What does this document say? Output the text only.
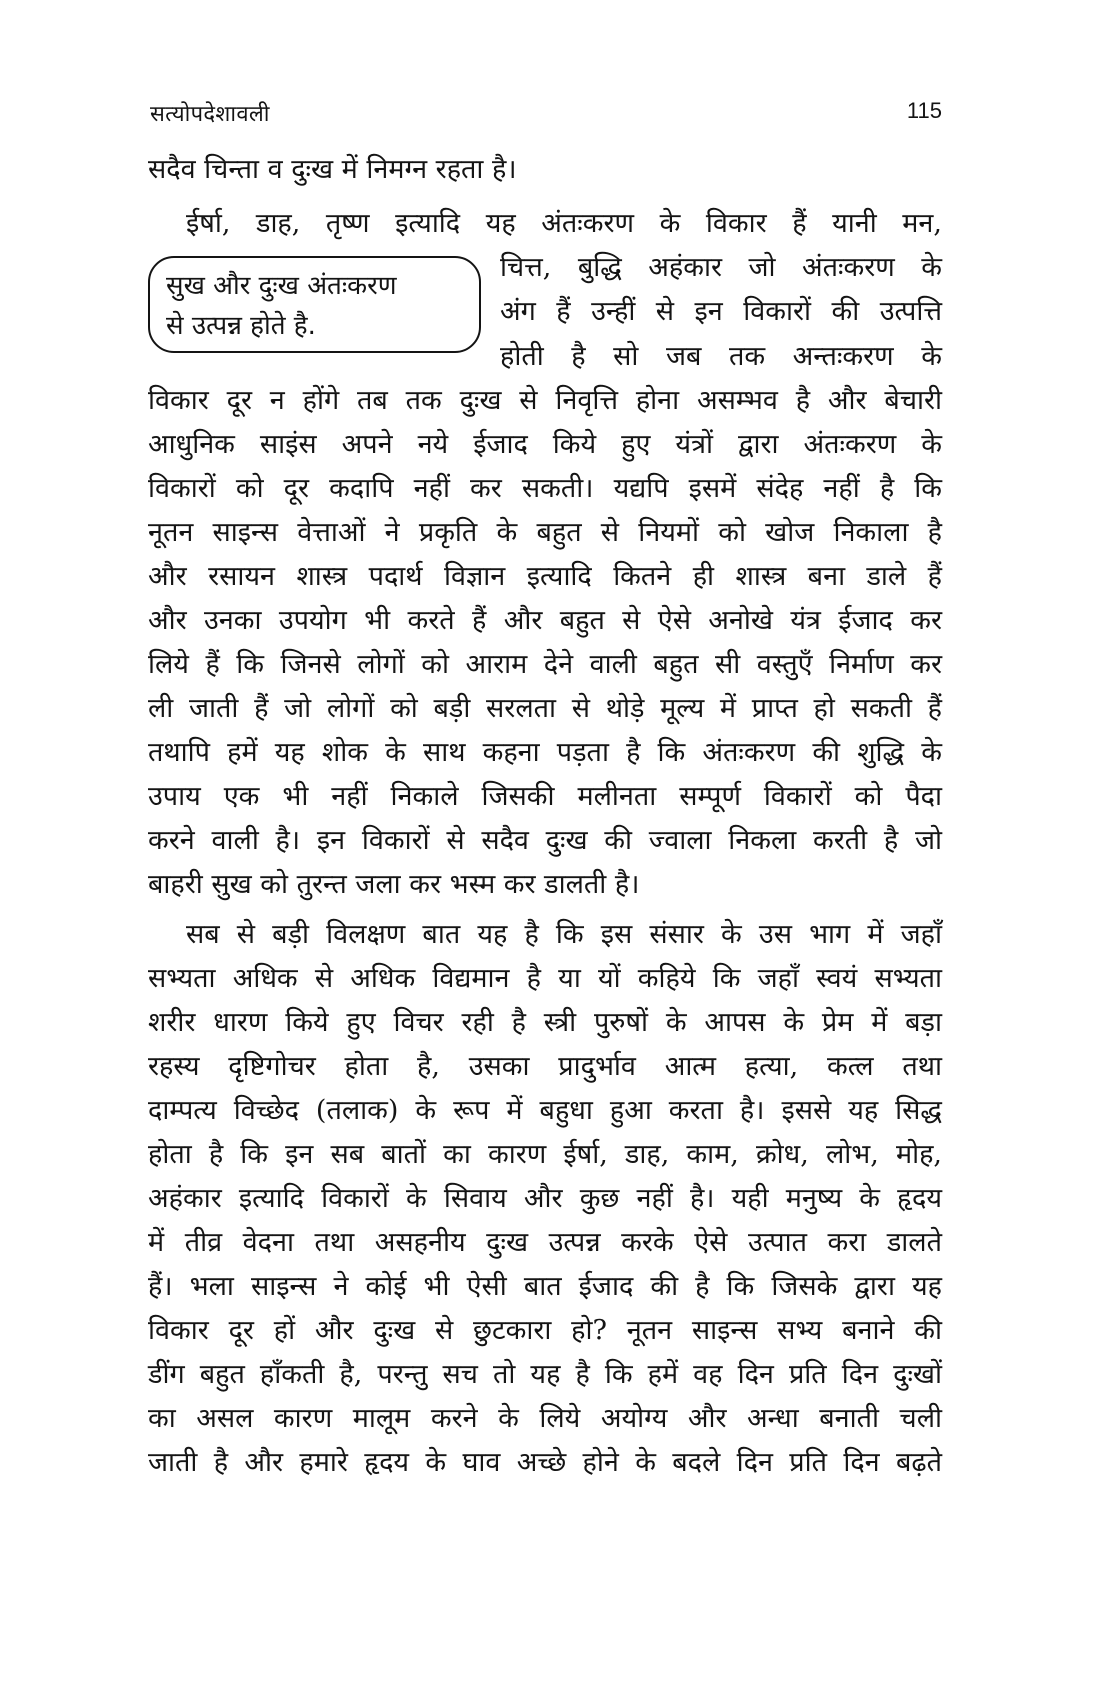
सत्योपदेशावली	115
सुख और दुःख अंतःकरण
से उत्पन्न होते है.
सदैव चिन्ता व दुःख में निमग्न रहता है।
ईर्षा, डाह, तृष्ण इत्यादि यह अंतःकरण के विकार हैं यानी मन,
चित्त, बुद्धि अहंकार जो अंतःकरण के
अंग हैं उन्हीं से इन विकारों की उत्पत्ति
होती है सो जब तक अन्तःकरण के
विकार दूर न होंगे तब तक दुःख से निवृत्ति होना असम्भव है और बेचारी
आधुनिक साइंस अपने नये ईजाद किये हुए यंत्रों द्वारा अंतःकरण के
विकारों को दूर कदापि नहीं कर सकती। यद्यपि इसमें संदेह नहीं है कि
नूतन साइन्स वेत्ताओं ने प्रकृति के बहुत से नियमों को खोज निकाला है
और रसायन शास्त्र पदार्थ विज्ञान इत्यादि कितने ही शास्त्र बना डाले हैं
और उनका उपयोग भी करते हैं और बहुत से ऐसे अनोखे यंत्र ईजाद कर
लिये हैं कि जिनसे लोगों को आराम देने वाली बहुत सी वस्तुएँ निर्माण कर
ली जाती हैं जो लोगों को बड़ी सरलता से थोड़े मूल्य में प्राप्त हो सकती हैं
तथापि हमें यह शोक के साथ कहना पड़ता है कि अंतःकरण की शुद्धि के
उपाय एक भी नहीं निकाले जिसकी मलीनता सम्पूर्ण विकारों को पैदा
करने वाली है। इन विकारों से सदैव दुःख की ज्वाला निकला करती है जो
बाहरी सुख को तुरन्त जला कर भस्म कर डालती है।
सब से बड़ी विलक्षण बात यह है कि इस संसार के उस भाग में जहाँ
सभ्यता अधिक से अधिक विद्यमान है या यों कहिये कि जहाँ स्वयं सभ्यता
शरीर धारण किये हुए विचर रही है स्त्री पुरुषों के आपस के प्रेम में बड़ा
रहस्य दृष्टिगोचर होता है, उसका प्रादुर्भाव आत्म हत्या, कत्ल तथा
दाम्पत्य विच्छेद (तलाक) के रूप में बहुधा हुआ करता है। इससे यह सिद्ध
होता है कि इन सब बातों का कारण ईर्षा, डाह, काम, क्रोध, लोभ, मोह,
अहंकार इत्यादि विकारों के सिवाय और कुछ नहीं है। यही मनुष्य के हृदय
में तीव्र वेदना तथा असहनीय दुःख उत्पन्न करके ऐसे उत्पात करा डालते
हैं। भला साइन्स ने कोई भी ऐसी बात ईजाद की है कि जिसके द्वारा यह
विकार दूर हों और दुःख से छुटकारा हो? नूतन साइन्स सभ्य बनाने की
डींग बहुत हाँकती है, परन्तु सच तो यह है कि हमें वह दिन प्रति दिन दुःखों
का असल कारण मालूम करने के लिये अयोग्य और अन्धा बनाती चली
जाती है और हमारे हृदय के घाव अच्छे होने के बदले दिन प्रति दिन बढ़ते
